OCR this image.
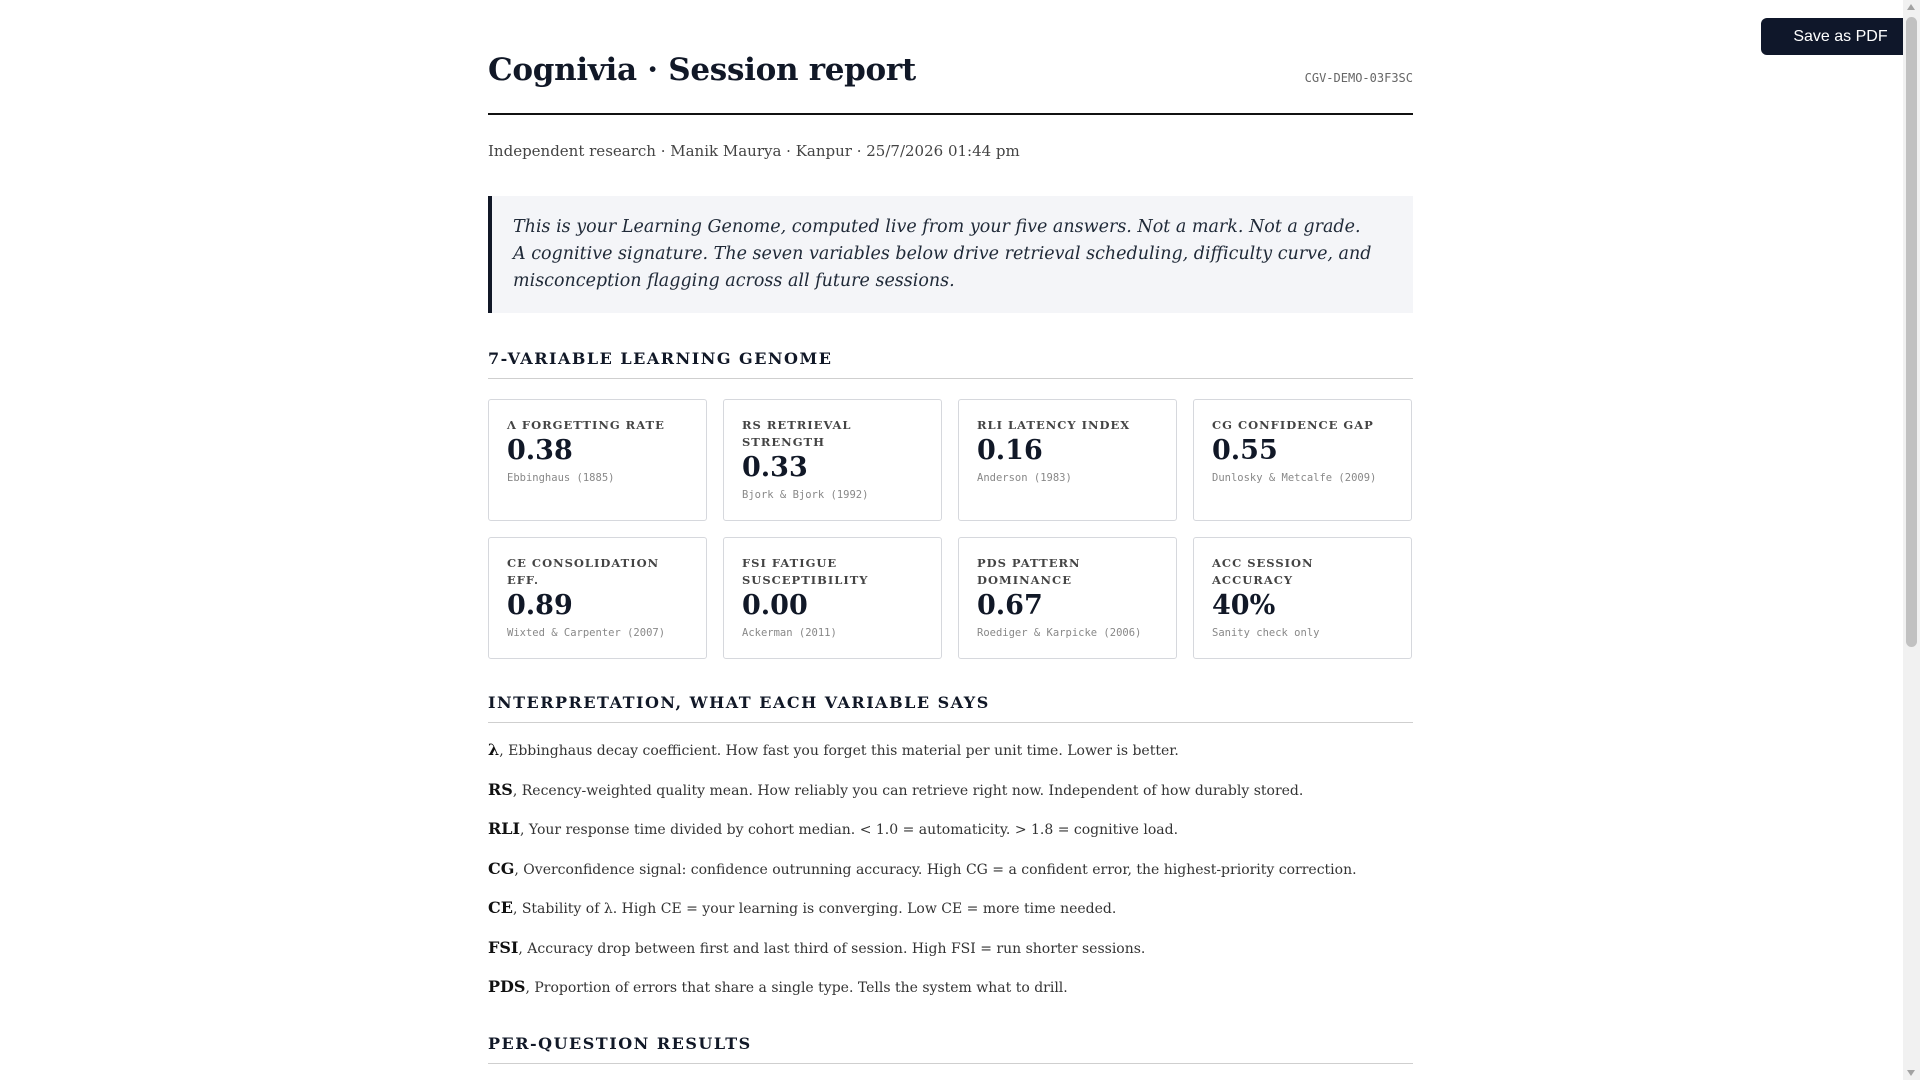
Cognivia · Session report	CGV-DEMO-03F3SC
Independent research · Manik Maurya · Kanpur · 25/7/2026 01:44 pm
This is your Learning Genome, computed live from your five answers. Not a mark. Not a grade. A cognitive signature. The seven variables below drive retrieval scheduling, difficulty curve, and misconception flagging across all future sessions.
7-VARIABLE LEARNING GENOME
Λ FORGETTING RATE
0.38
Ebbinghaus (1885)
RS RETRIEVAL STRENGTH
0.33
Bjork & Bjork (1992)
RLI LATENCY INDEX
0.16
Anderson (1983)
CG CONFIDENCE GAP
0.55
Dunlosky & Metcalfe (2009)
CE CONSOLIDATION EFF.
0.89
Wixted & Carpenter (2007)
FSI FATIGUE SUSCEPTIBILITY
0.00
Ackerman (2011)
PDS PATTERN DOMINANCE
0.67
Roediger & Karpicke (2006)
ACC SESSION ACCURACY
40%
Sanity check only
INTERPRETATION, WHAT EACH VARIABLE SAYS
λ, Ebbinghaus decay coefficient. How fast you forget this material per unit time. Lower is better.
RS, Recency-weighted quality mean. How reliably you can retrieve right now. Independent of how durably stored.
RLI, Your response time divided by cohort median. < 1.0 = automaticity. > 1.8 = cognitive load.
CG, Overconfidence signal: confidence outrunning accuracy. High CG = a confident error, the highest-priority correction.
CE, Stability of λ. High CE = your learning is converging. Low CE = more time needed.
FSI, Accuracy drop between first and last third of session. High FSI = run shorter sessions.
PDS, Proportion of errors that share a single type. Tells the system what to drill.
PER-QUESTION RESULTS
Save as PDF
